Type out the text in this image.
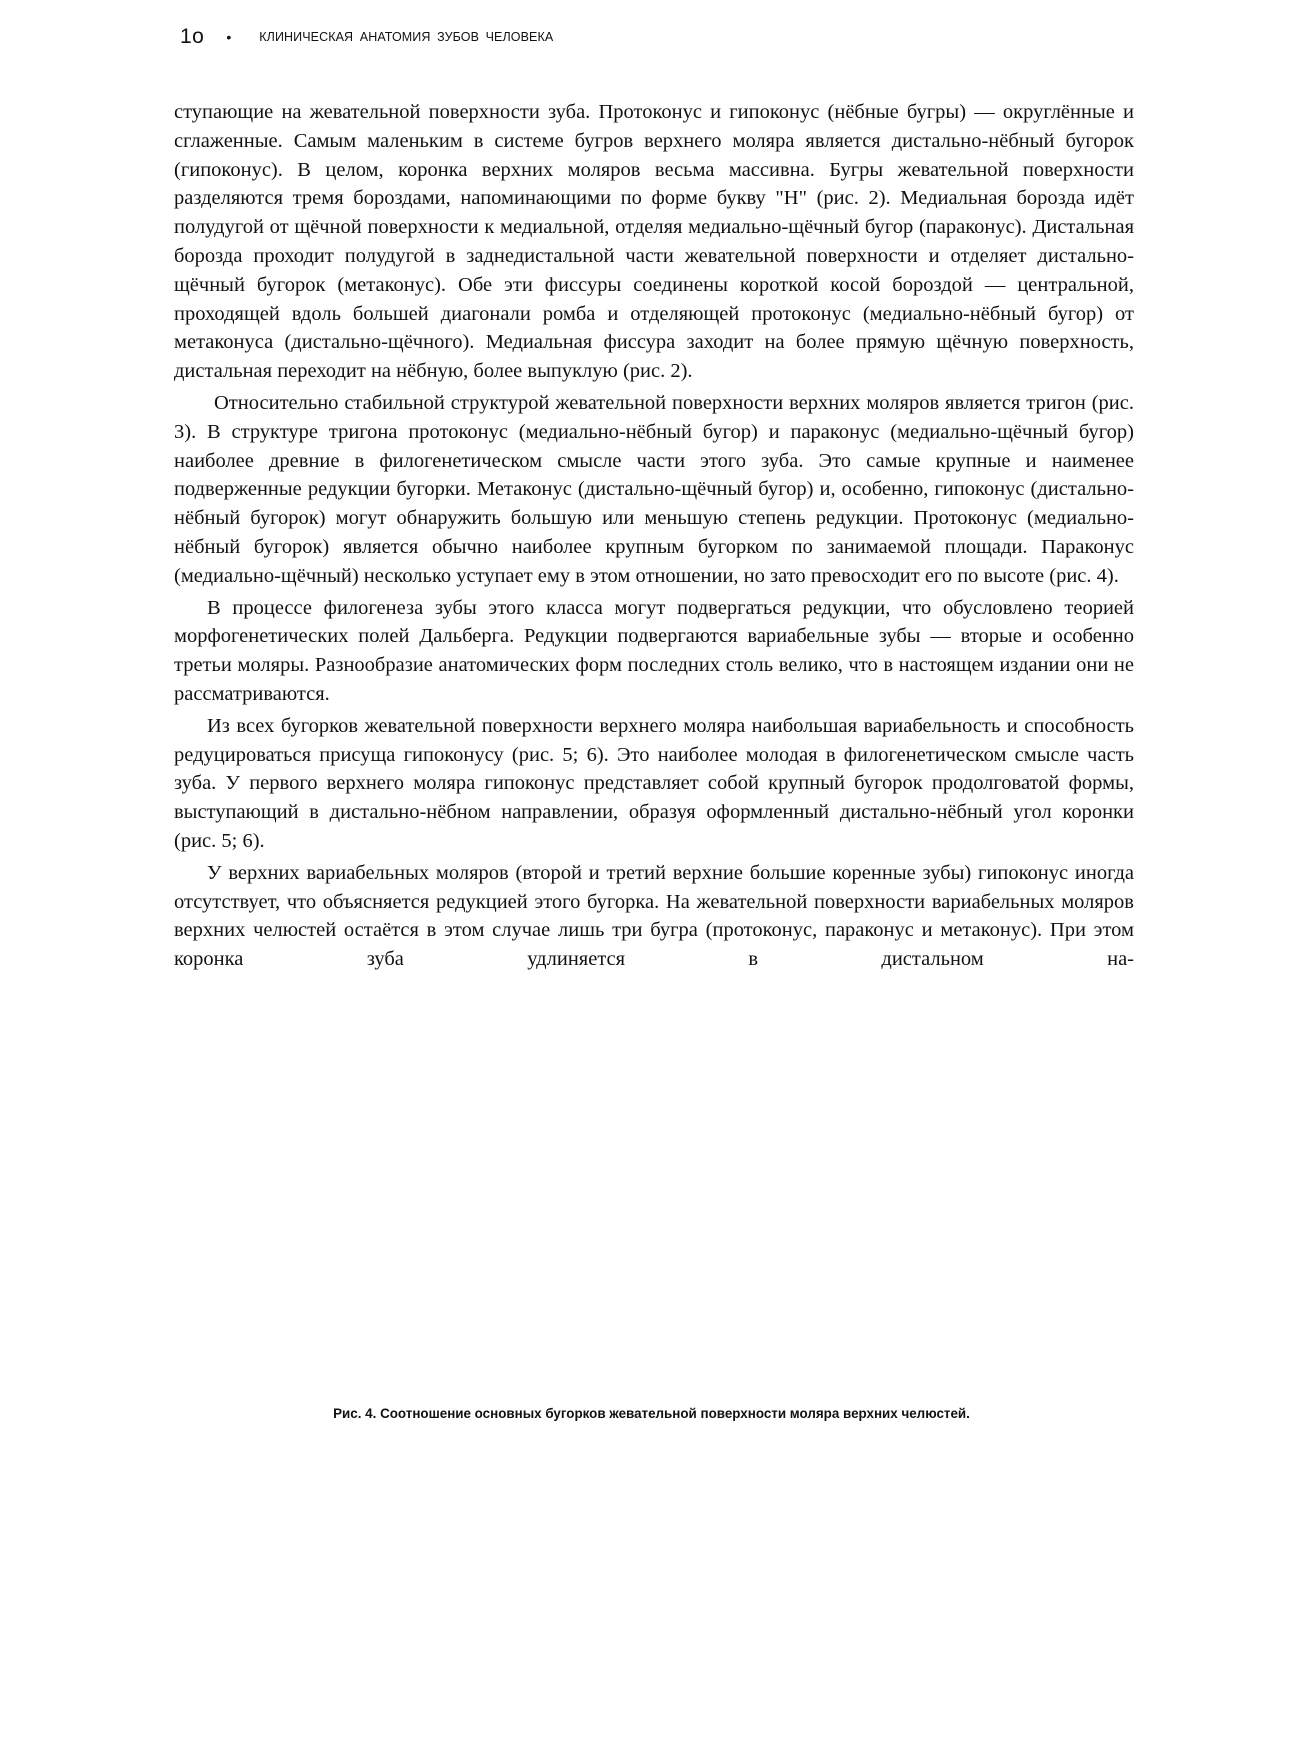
1o • КЛИНИЧЕСКАЯ АНАТОМИЯ ЗУБОВ ЧЕЛОВЕКА

ступающие на жевательной поверхности зуба. Протоконус и гипоконус (нёбные бугры) — округлённые и сглаженные. Самым маленьким в системе бугров верхнего моляра является дистально-нёбный бугорок (гипоконус). В целом, коронка верхних моляров весьма массивна. Бугры жевательной поверхности разделяются тремя бороздами, напоминающими по форме букву "Н" (рис. 2). Медиальная борозда идёт полудугой от щёчной поверхности к медиальной, отделяя медиально-щёчный бугор (параконус). Дистальная борозда проходит полудугой в заднедистальной части жевательной поверхности и отделяет дистально-щёчный бугорок (метаконус). Обе эти фиссуры соединены короткой косой бороздой — центральной, проходящей вдоль большей диагонали ромба и отделяющей протоконус (медиально-нёбный бугор) от метаконуса (дистально-щёчного). Медиальная фиссура заходит на более прямую щёчную поверхность, дистальная переходит на нёбную, более выпуклую (рис. 2).

Относительно стабильной структурой жевательной поверхности верхних моляров является тригон (рис. 3). В структуре тригона протоконус (медиально-нёбный бугор) и параконус (медиально-щёчный бугор) наиболее древние в филогенетическом смысле части этого зуба. Это самые крупные и наименее подверженные редукции бугорки. Метаконус (дистально-щёчный бугор) и, особенно, гипоконус (дистально-нёбный бугорок) могут обнаружить большую или меньшую степень редукции. Протоконус (медиально-нёбный бугорок) является обычно наиболее крупным бугорком по занимаемой площади. Параконус (медиально-щёчный) несколько уступает ему в этом отношении, но зато превосходит его по высоте (рис. 4).

В процессе филогенеза зубы этого класса могут подвергаться редукции, что обусловлено теорией морфогенетических полей Дальберга. Редукции подвергаются вариабельные зубы — вторые и особенно третьи моляры. Разнообразие анатомических форм последних столь велико, что в настоящем издании они не рассматриваются.

Из всех бугорков жевательной поверхности верхнего моляра наибольшая вариабельность и способность редуцироваться присуща гипоконусу (рис. 5; 6). Это наиболее молодая в филогенетическом смысле часть зуба. У первого верхнего моляра гипоконус представляет собой крупный бугорок продолговатой формы, выступающий в дистально-нёбном направлении, образуя оформленный дистально-нёбный угол коронки (рис. 5; 6).

У верхних вариабельных моляров (второй и третий верхние большие коренные зубы) гипоконус иногда отсутствует, что объясняется редукцией этого бугорка. На жевательной поверхности вариабельных моляров верхних челюстей остаётся в этом случае лишь три бугра (протоконус, параконус и метаконус). При этом коронка зуба удлиняется в дистальном на-

Рис. 4. Соотношение основных бугорков жевательной поверхности моляра верхних челюстей.
